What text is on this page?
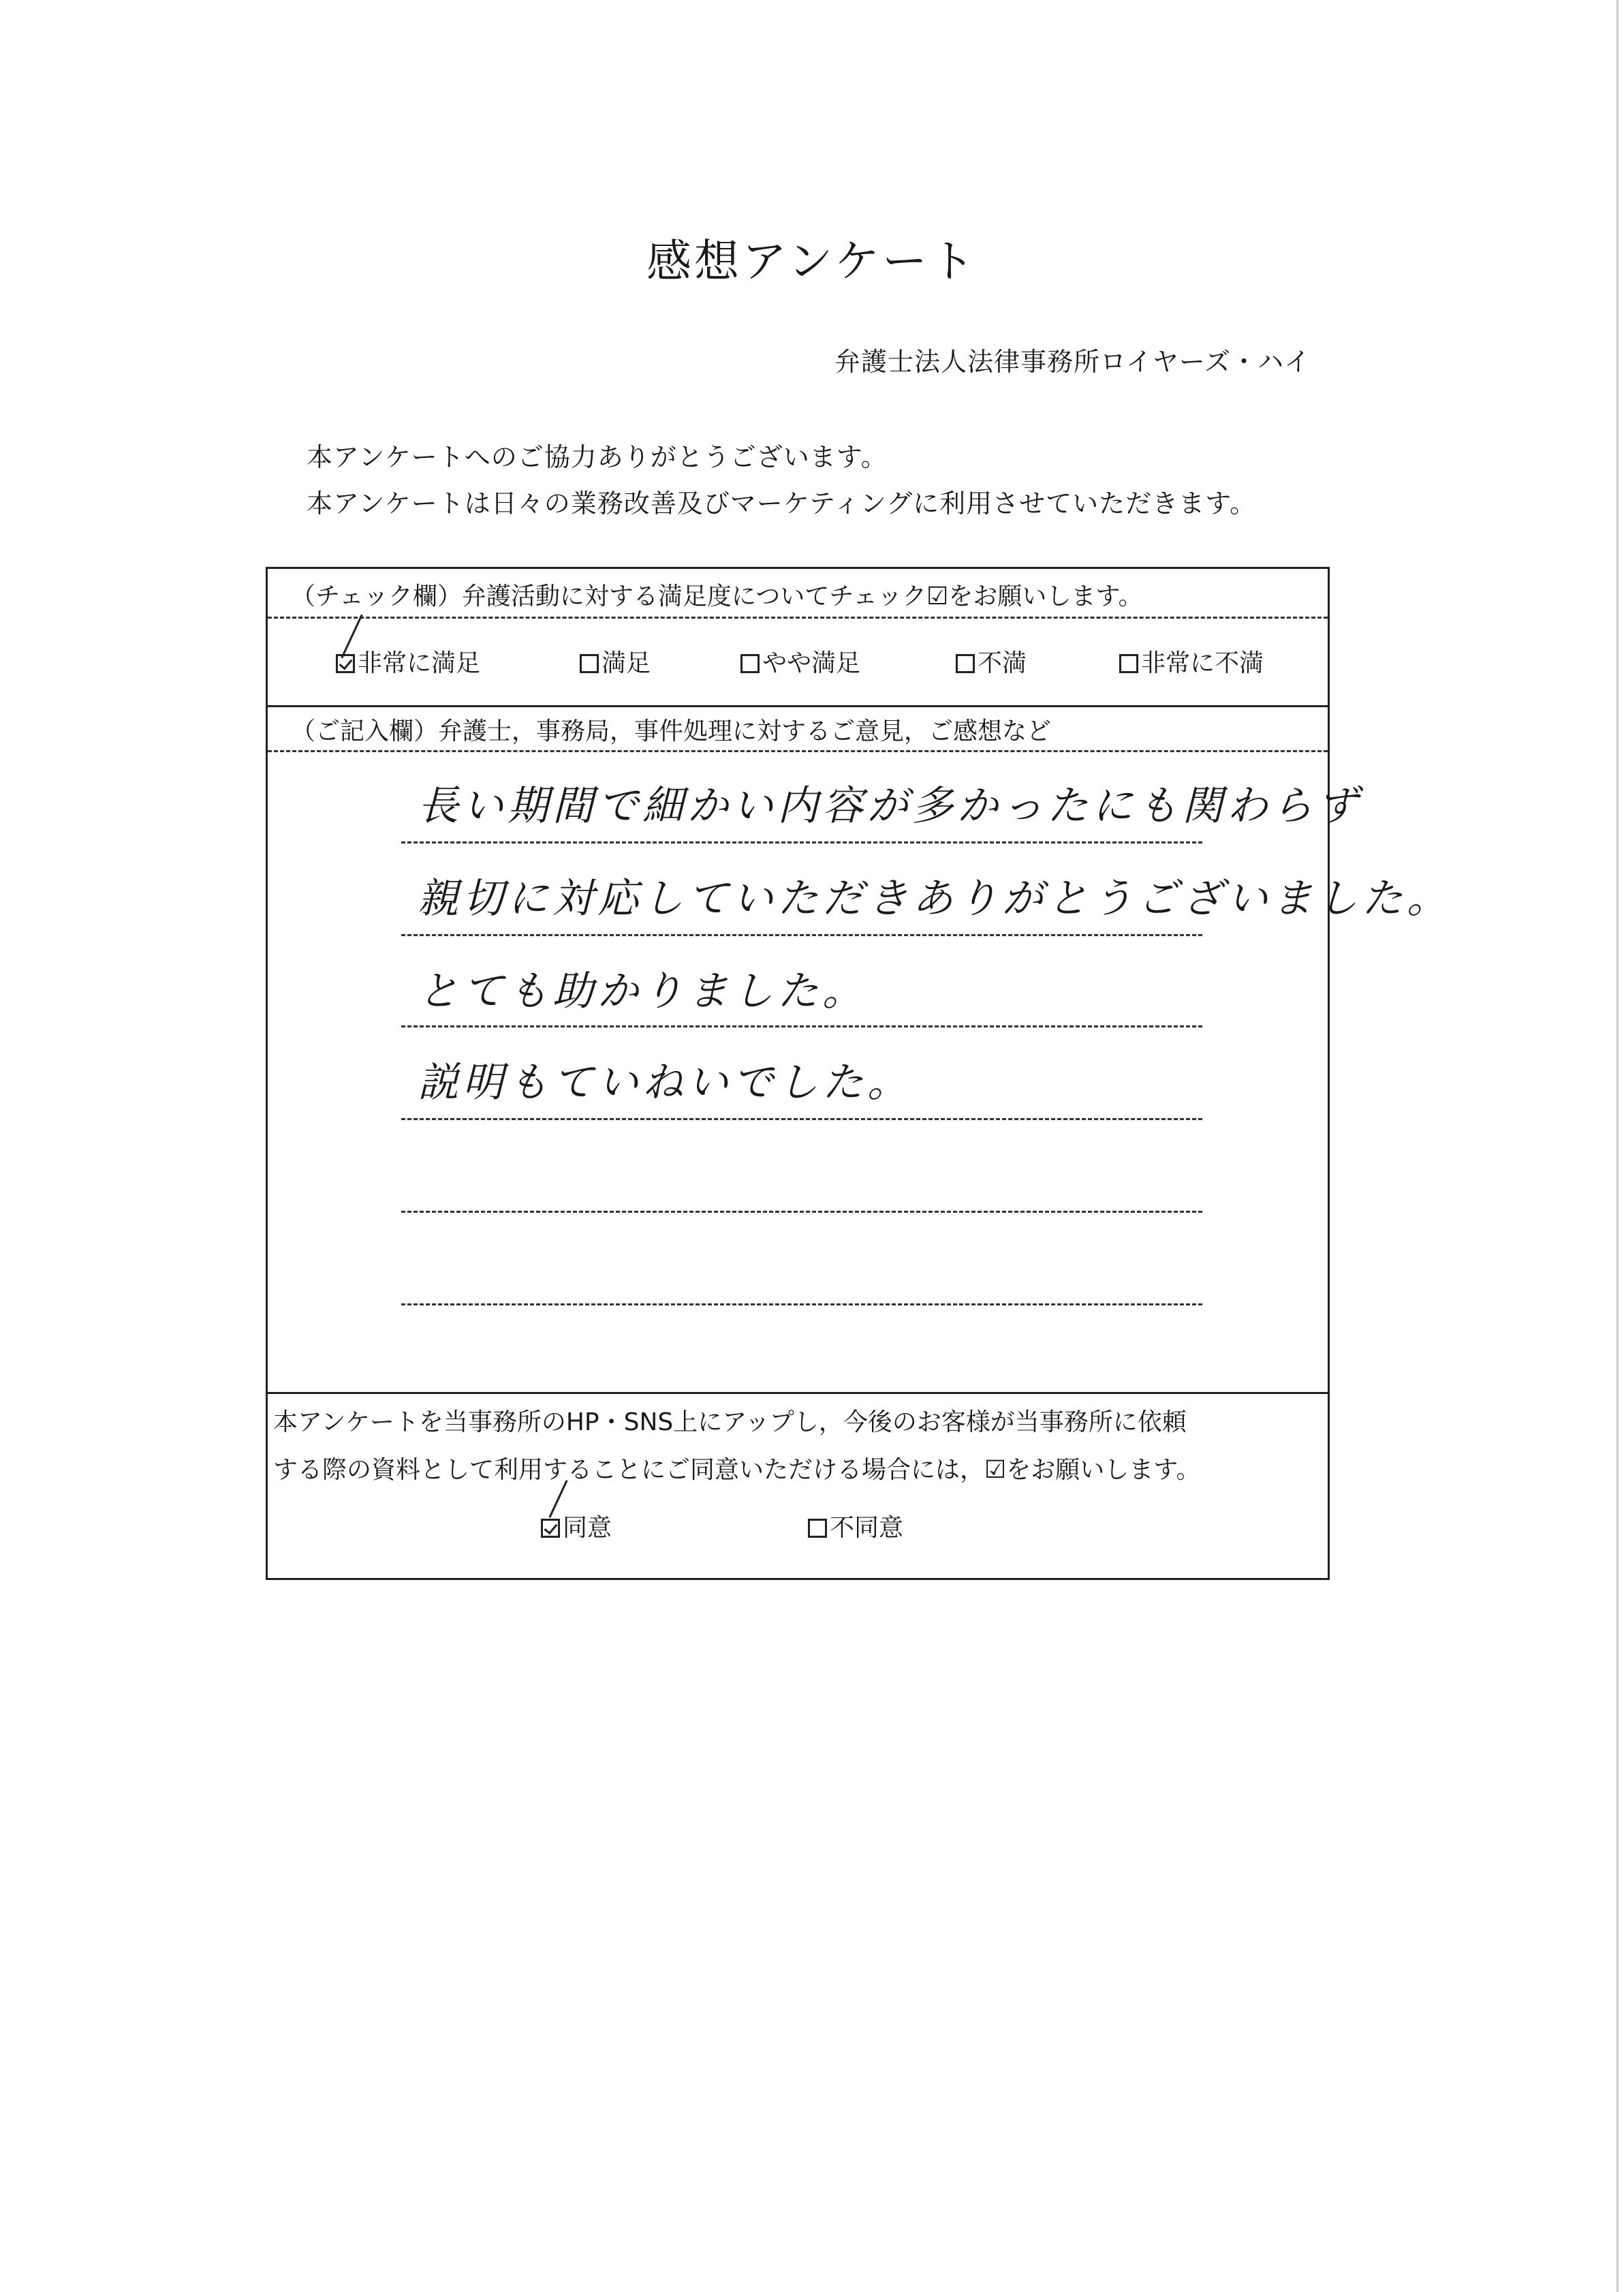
感想アンケート
弁護士法人法律事務所ロイヤーズ・ハイ
本アンケートへのご協力ありがとうございます。
本アンケートは日々の業務改善及びマーケティングに利用させていただきます。
（チェック欄）弁護活動に対する満足度についてチェック☑をお願いします。
非常に満足	満足	やや満足	不満	非常に不満
（ご記入欄）弁護士，事務局，事件処理に対するご意見，ご感想など
長い期間で細かい内容が多かったにも関わらず
親切に対応していただきありがとうございました。
とても助かりました。
説明もていねいでした。
本アンケートを当事務所のHP・SNS上にアップし，今後のお客様が当事務所に依頼
する際の資料として利用することにご同意いただける場合には，☑をお願いします。
同意	不同意
